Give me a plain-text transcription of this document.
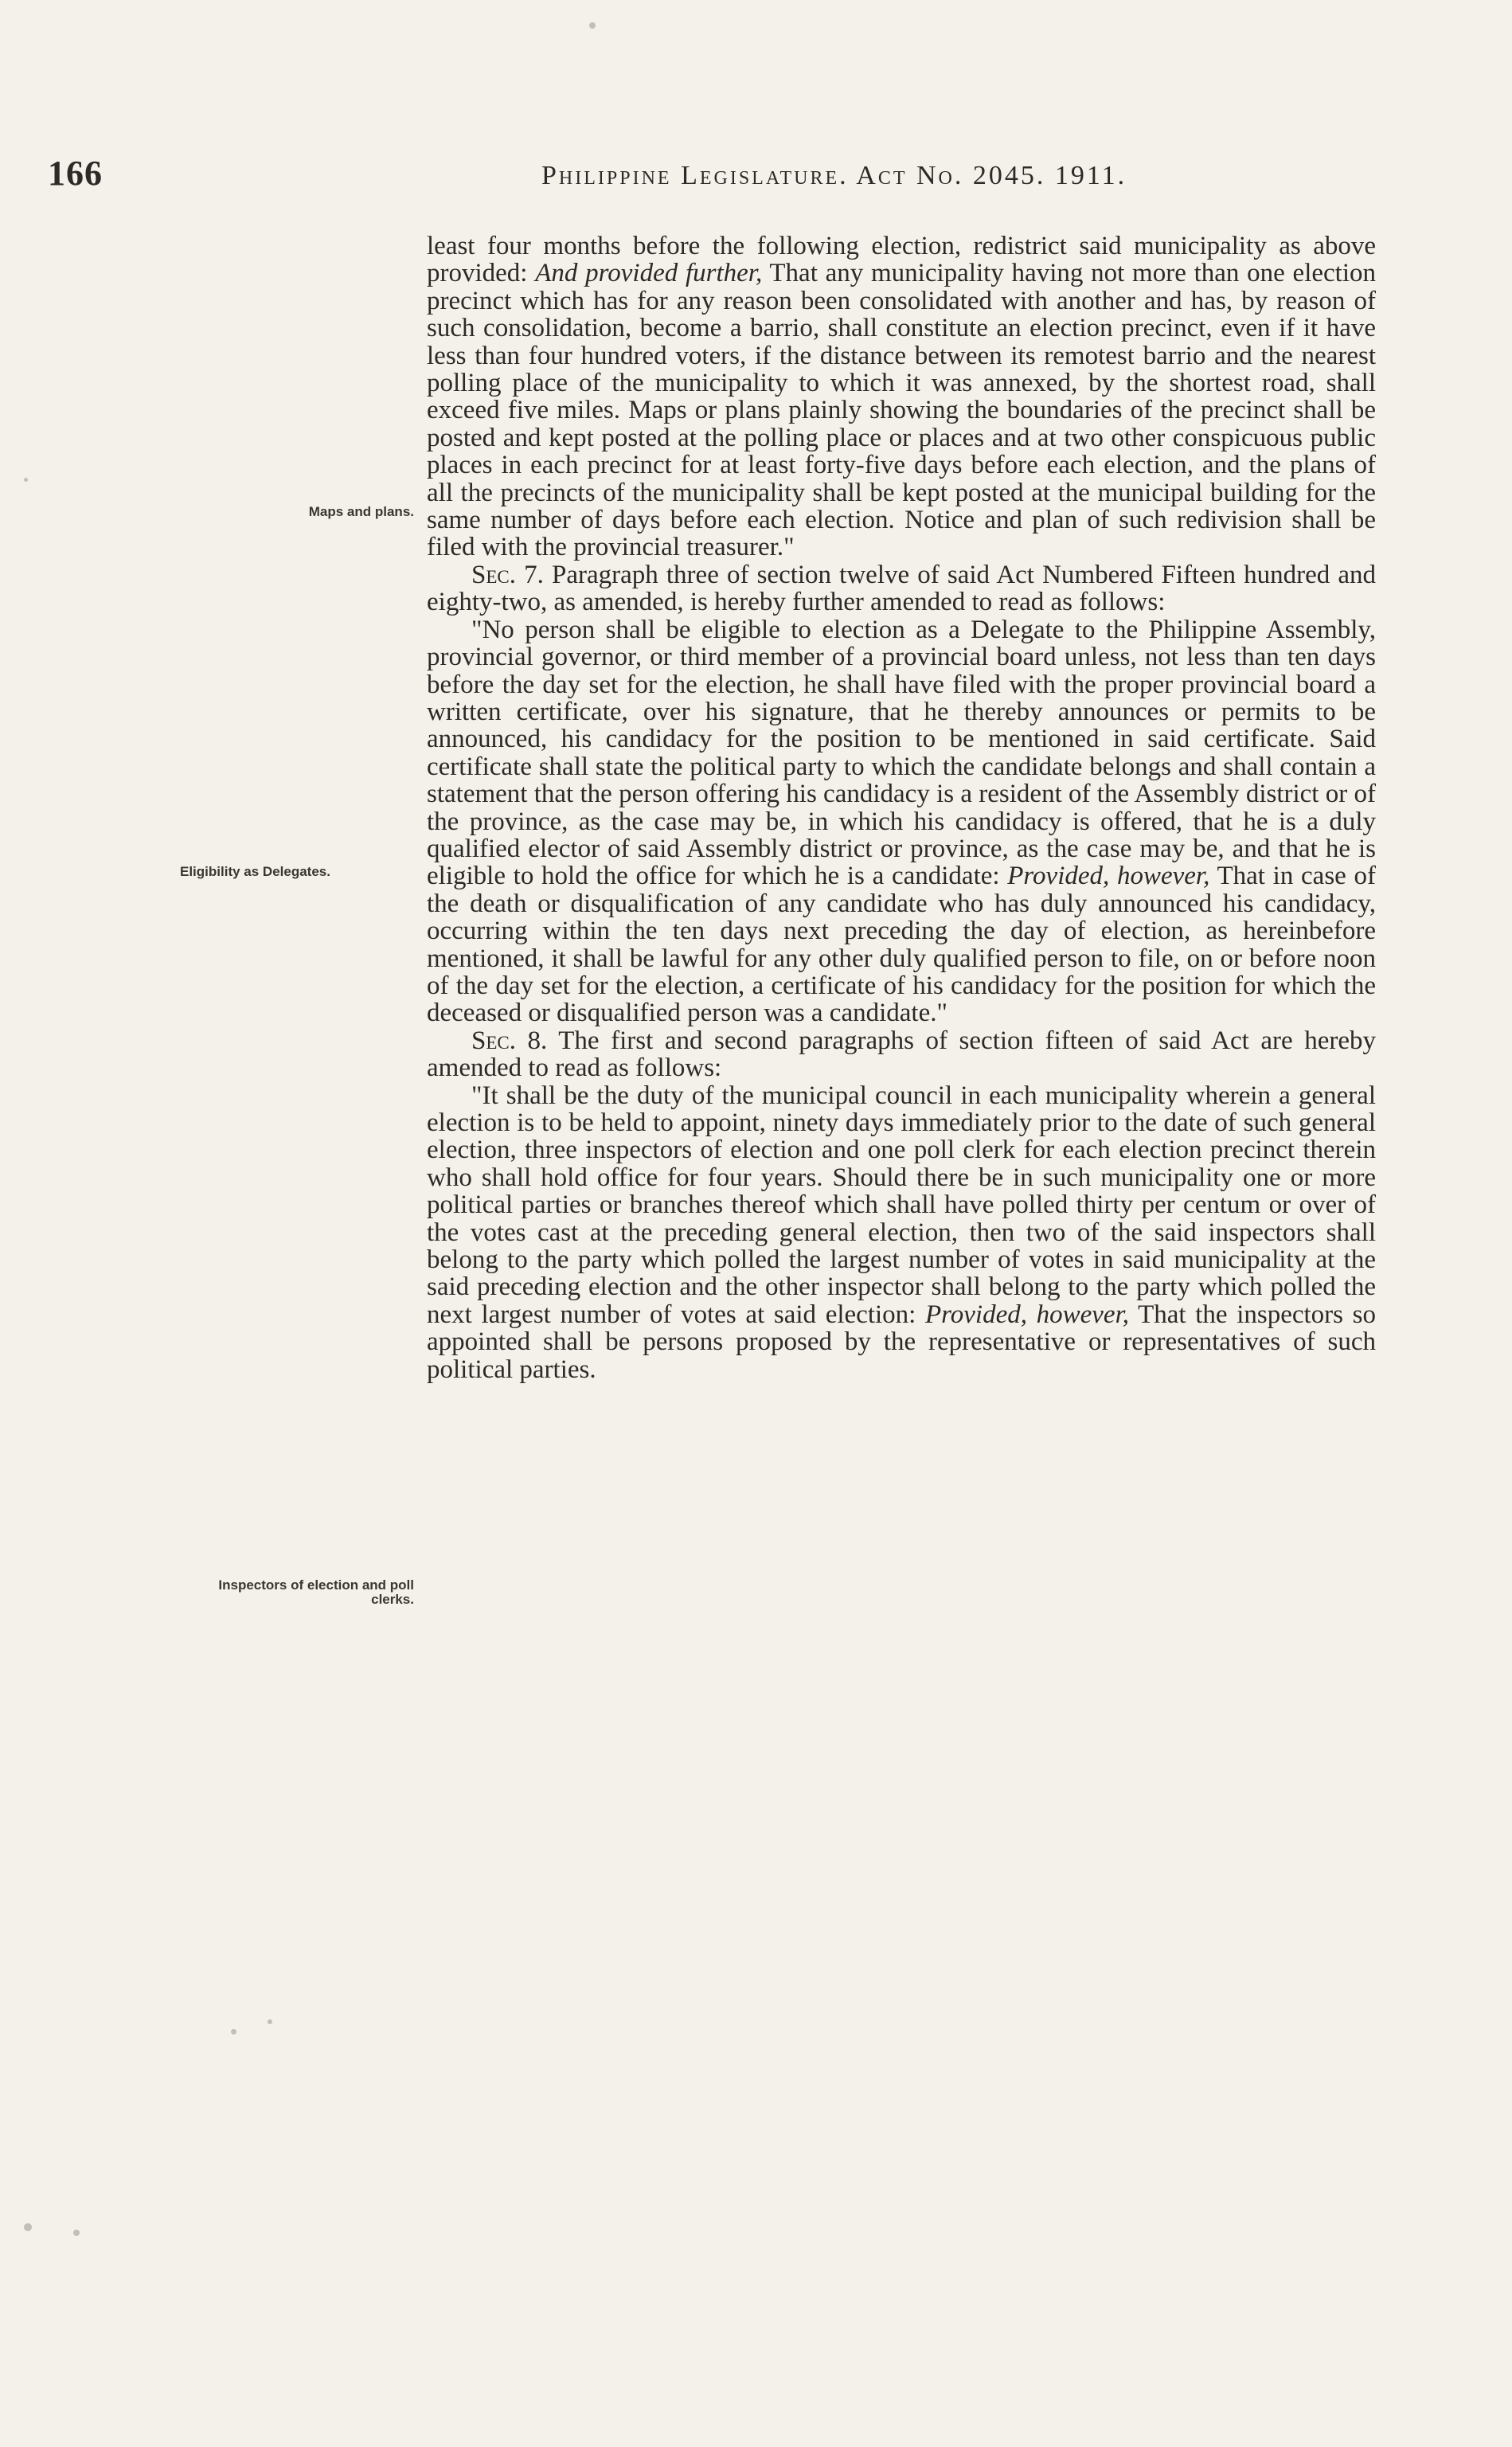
166	Philippine Legislature. Act No. 2045. 1911.
Maps and plans.
Eligibility as Delegates.
Inspectors of election and poll clerks.

least four months before the following election, redistrict said municipality as above provided: And provided further, That any municipality having not more than one election precinct which has for any reason been consolidated with another and has, by reason of such consolidation, become a barrio, shall constitute an election precinct, even if it have less than four hundred voters, if the distance between its remotest barrio and the nearest polling place of the municipality to which it was annexed, by the shortest road, shall exceed five miles. Maps or plans plainly showing the boundaries of the precinct shall be posted and kept posted at the polling place or places and at two other conspicuous public places in each precinct for at least forty-five days before each election, and the plans of all the precincts of the municipality shall be kept posted at the municipal building for the same number of days before each election. Notice and plan of such redivision shall be filed with the provincial treasurer."

Sec. 7. Paragraph three of section twelve of said Act Numbered Fifteen hundred and eighty-two, as amended, is hereby further amended to read as follows:

"No person shall be eligible to election as a Delegate to the Philippine Assembly, provincial governor, or third member of a provincial board unless, not less than ten days before the day set for the election, he shall have filed with the proper provincial board a written certificate, over his signature, that he thereby announces or permits to be announced, his candidacy for the position to be mentioned in said certificate. Said certificate shall state the political party to which the candidate belongs and shall contain a statement that the person offering his candidacy is a resident of the Assembly district or of the province, as the case may be, in which his candidacy is offered, that he is a duly qualified elector of said Assembly district or province, as the case may be, and that he is eligible to hold the office for which he is a candidate: Provided, however, That in case of the death or disqualification of any candidate who has duly announced his candidacy, occurring within the ten days next preceding the day of election, as hereinbefore mentioned, it shall be lawful for any other duly qualified person to file, on or before noon of the day set for the election, a certificate of his candidacy for the position for which the deceased or disqualified person was a candidate."

Sec. 8. The first and second paragraphs of section fifteen of said Act are hereby amended to read as follows:

"It shall be the duty of the municipal council in each municipality wherein a general election is to be held to appoint, ninety days immediately prior to the date of such general election, three inspectors of election and one poll clerk for each election precinct therein who shall hold office for four years. Should there be in such municipality one or more political parties or branches thereof which shall have polled thirty per centum or over of the votes cast at the preceding general election, then two of the said inspectors shall belong to the party which polled the largest number of votes in said municipality at the said preceding election and the other inspector shall belong to the party which polled the next largest number of votes at said election: Provided, however, That the inspectors so appointed shall be persons proposed by the representative or representatives of such political parties.
